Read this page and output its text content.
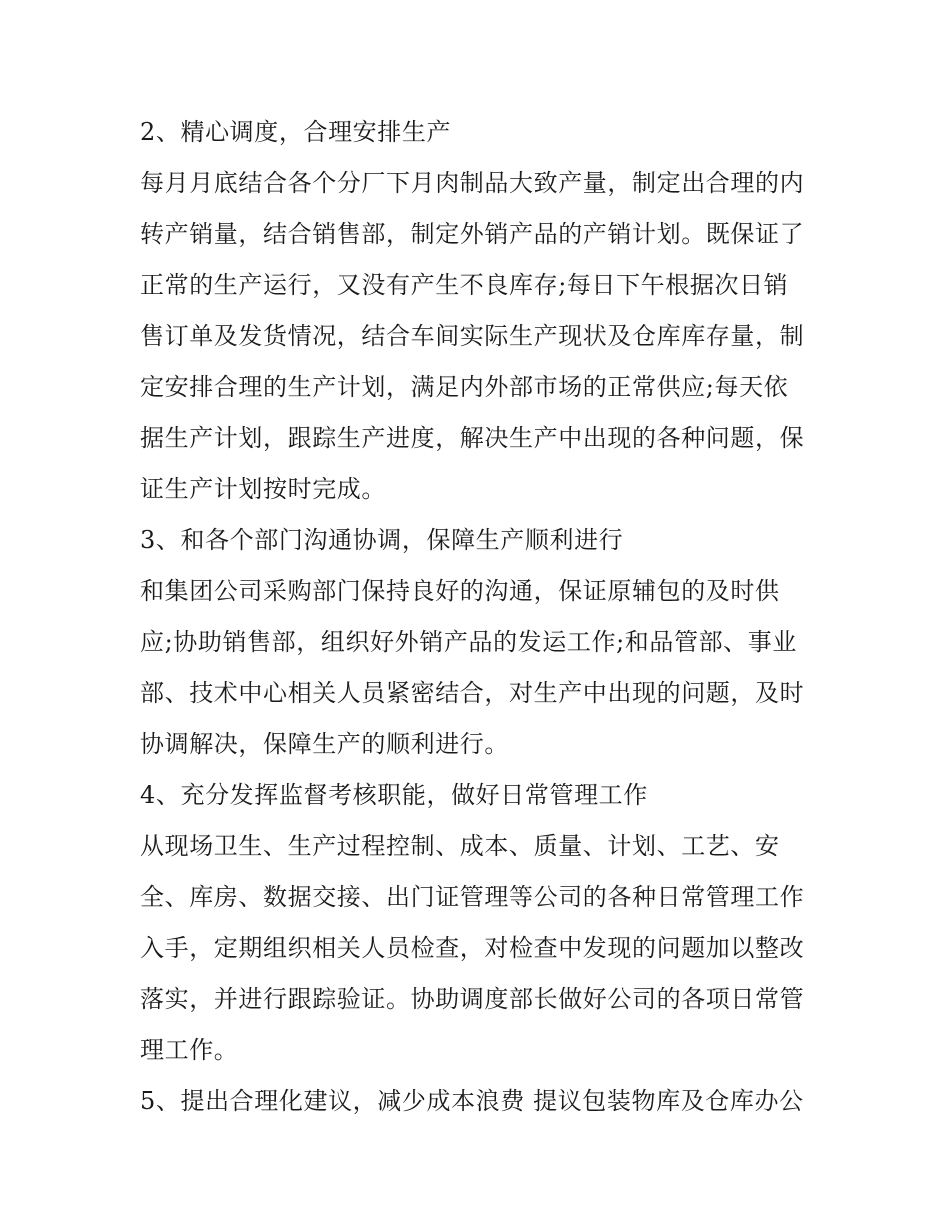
2、精心调度，合理安排生产

每月月底结合各个分厂下月肉制品大致产量，制定出合理的内
转产销量，结合销售部，制定外销产品的产销计划。既保证了
正常的生产运行，又没有产生不良库存;每日下午根据次日销
售订单及发货情况，结合车间实际生产现状及仓库库存量，制
定安排合理的生产计划，满足内外部市场的正常供应;每天依
据生产计划，跟踪生产进度，解决生产中出现的各种问题，保
证生产计划按时完成。

3、和各个部门沟通协调，保障生产顺利进行

和集团公司采购部门保持良好的沟通，保证原辅包的及时供
应;协助销售部，组织好外销产品的发运工作;和品管部、事业
部、技术中心相关人员紧密结合，对生产中出现的问题，及时
协调解决，保障生产的顺利进行。

4、充分发挥监督考核职能，做好日常管理工作

从现场卫生、生产过程控制、成本、质量、计划、工艺、安
全、库房、数据交接、出门证管理等公司的各种日常管理工作
入手，定期组织相关人员检查，对检查中发现的问题加以整改
落实，并进行跟踪验证。协助调度部长做好公司的各项日常管
理工作。

5、提出合理化建议，减少成本浪费 提议包装物库及仓库办公
